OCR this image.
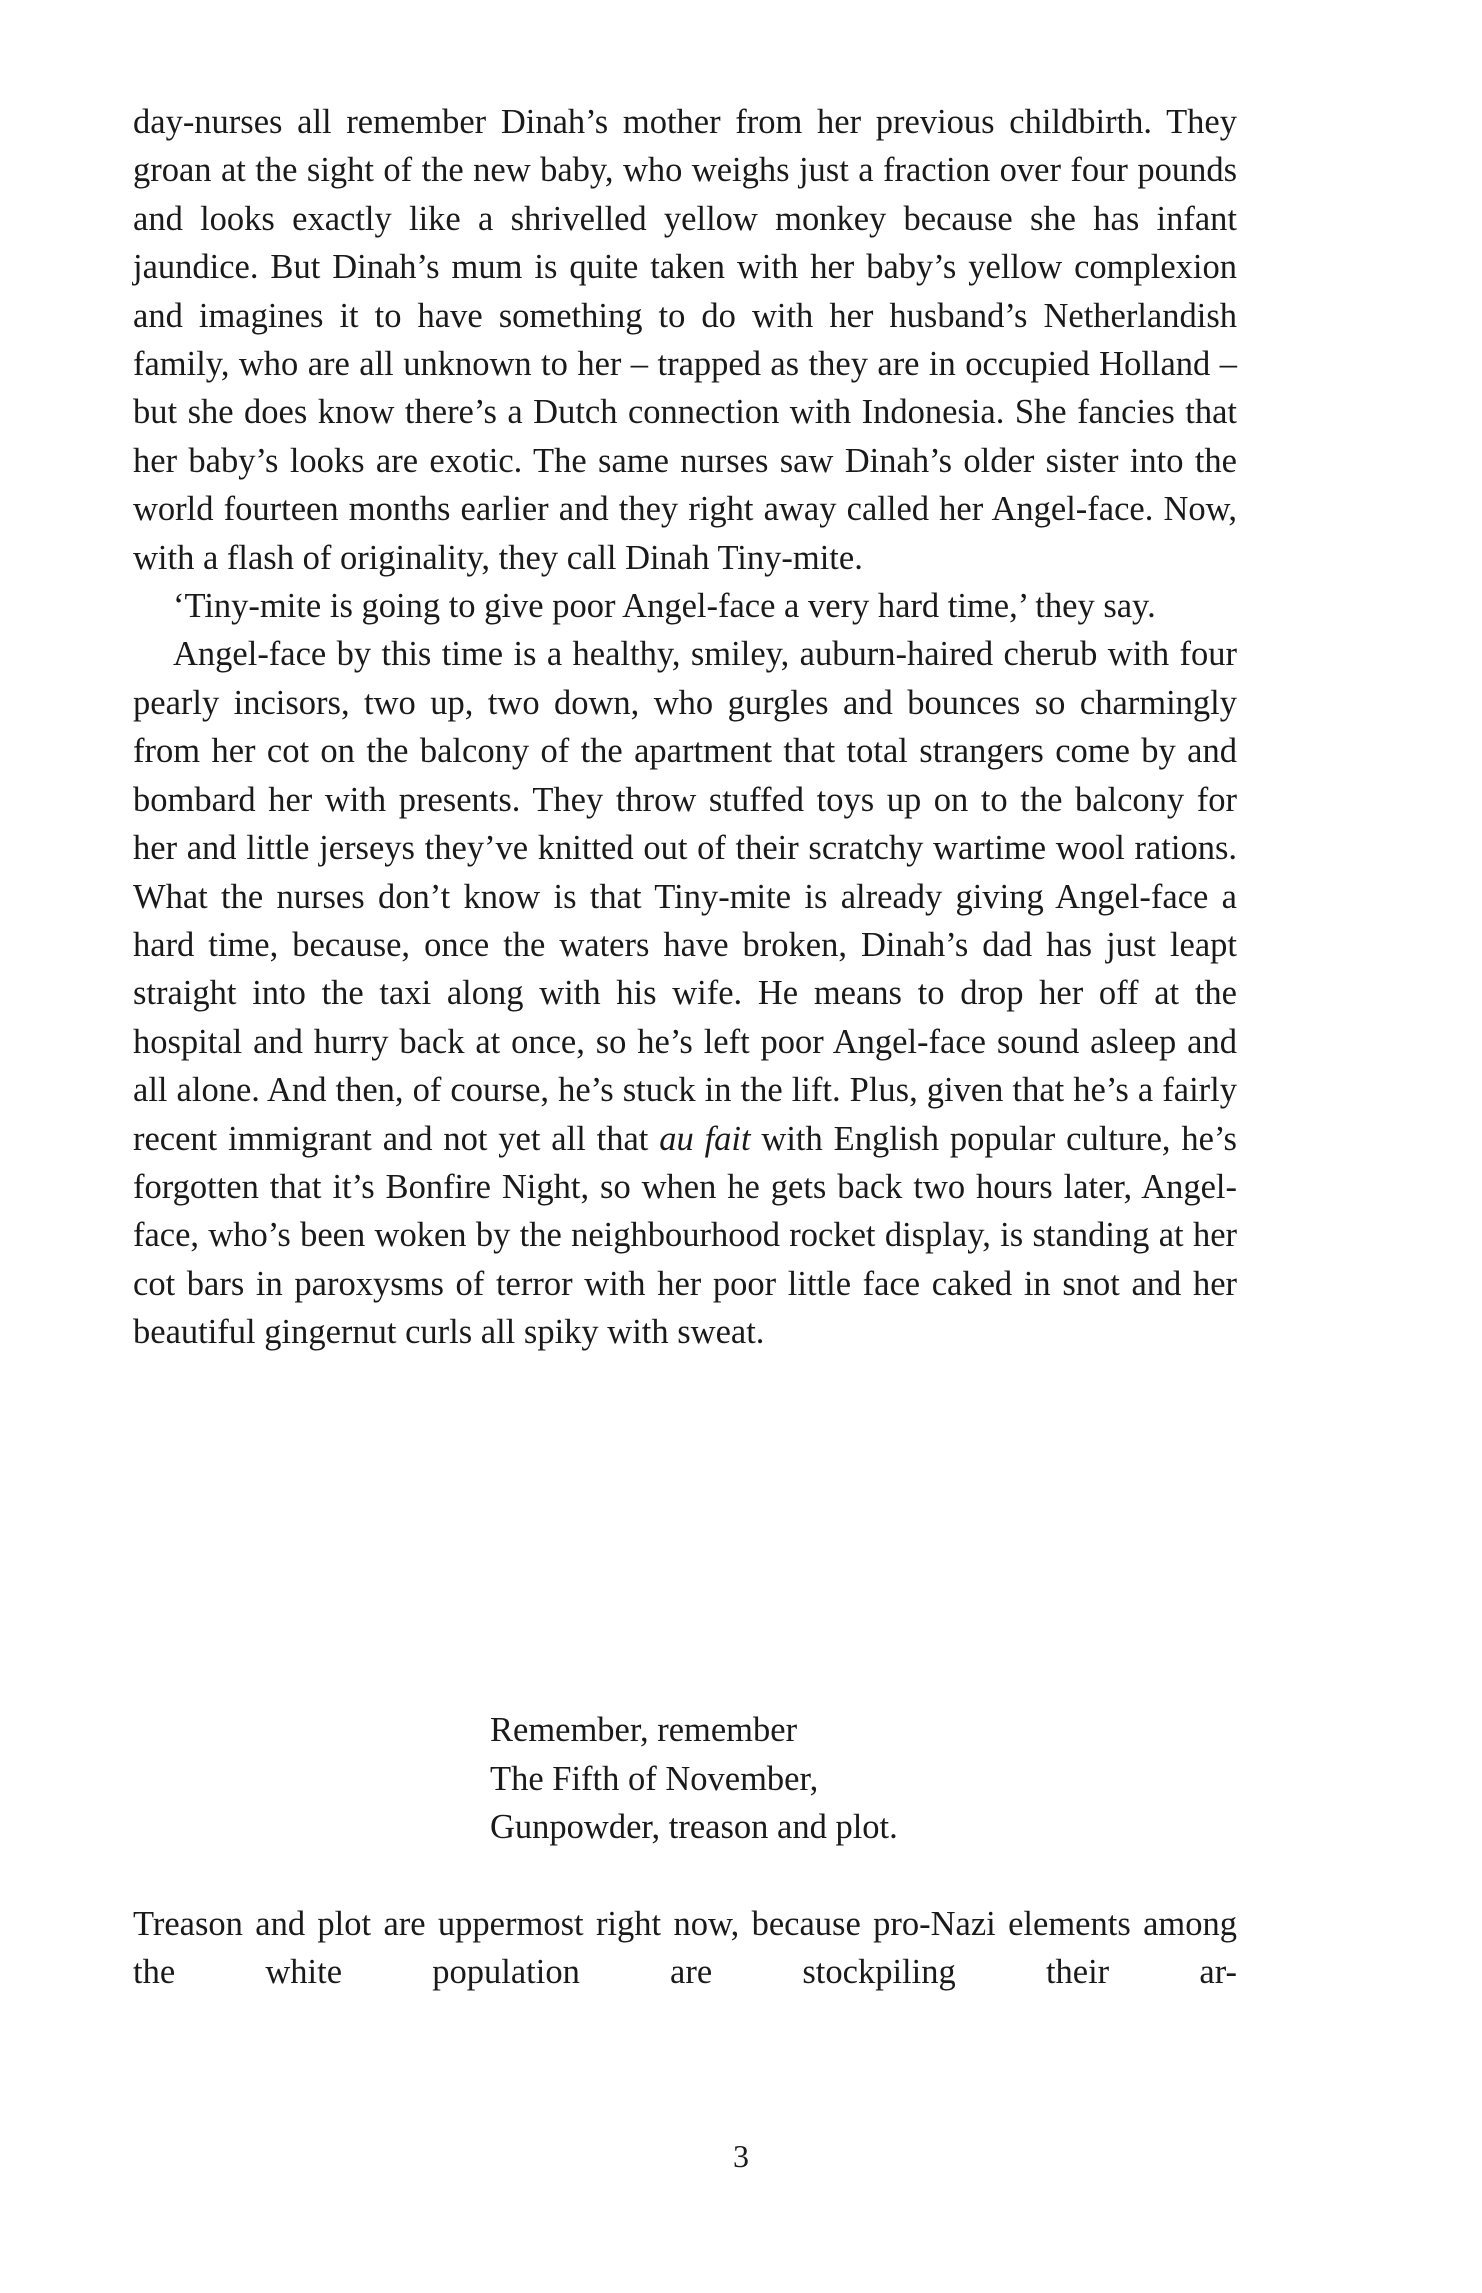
day-nurses all remember Dinah’s mother from her previous childbirth. They groan at the sight of the new baby, who weighs just a fraction over four pounds and looks exactly like a shrivelled yellow monkey because she has infant jaundice. But Dinah’s mum is quite taken with her baby’s yellow complexion and imagines it to have something to do with her husband’s Netherlandish family, who are all unknown to her – trapped as they are in occupied Holland – but she does know there’s a Dutch connection with Indonesia. She fancies that her baby’s looks are exotic. The same nurses saw Dinah’s older sister into the world fourteen months earlier and they right away called her Angel-face. Now, with a flash of originality, they call Dinah Tiny-mite.

‘Tiny-mite is going to give poor Angel-face a very hard time,’ they say.

Angel-face by this time is a healthy, smiley, auburn-haired cherub with four pearly incisors, two up, two down, who gurgles and bounces so charmingly from her cot on the balcony of the apartment that total strangers come by and bombard her with presents. They throw stuffed toys up on to the balcony for her and little jerseys they’ve knitted out of their scratchy wartime wool rations. What the nurses don’t know is that Tiny-mite is already giving Angel-face a hard time, because, once the waters have broken, Dinah’s dad has just leapt straight into the taxi along with his wife. He means to drop her off at the hospital and hurry back at once, so he’s left poor Angel-face sound asleep and all alone. And then, of course, he’s stuck in the lift. Plus, given that he’s a fairly recent immigrant and not yet all that au fait with English popular culture, he’s forgotten that it’s Bonfire Night, so when he gets back two hours later, Angel-face, who’s been woken by the neighbourhood rocket display, is standing at her cot bars in paroxysms of terror with her poor little face caked in snot and her beautiful gingernut curls all spiky with sweat.

Remember, remember
The Fifth of November,
Gunpowder, treason and plot.
Treason and plot are uppermost right now, because pro-Nazi elements among the white population are stockpiling their ar-
3
